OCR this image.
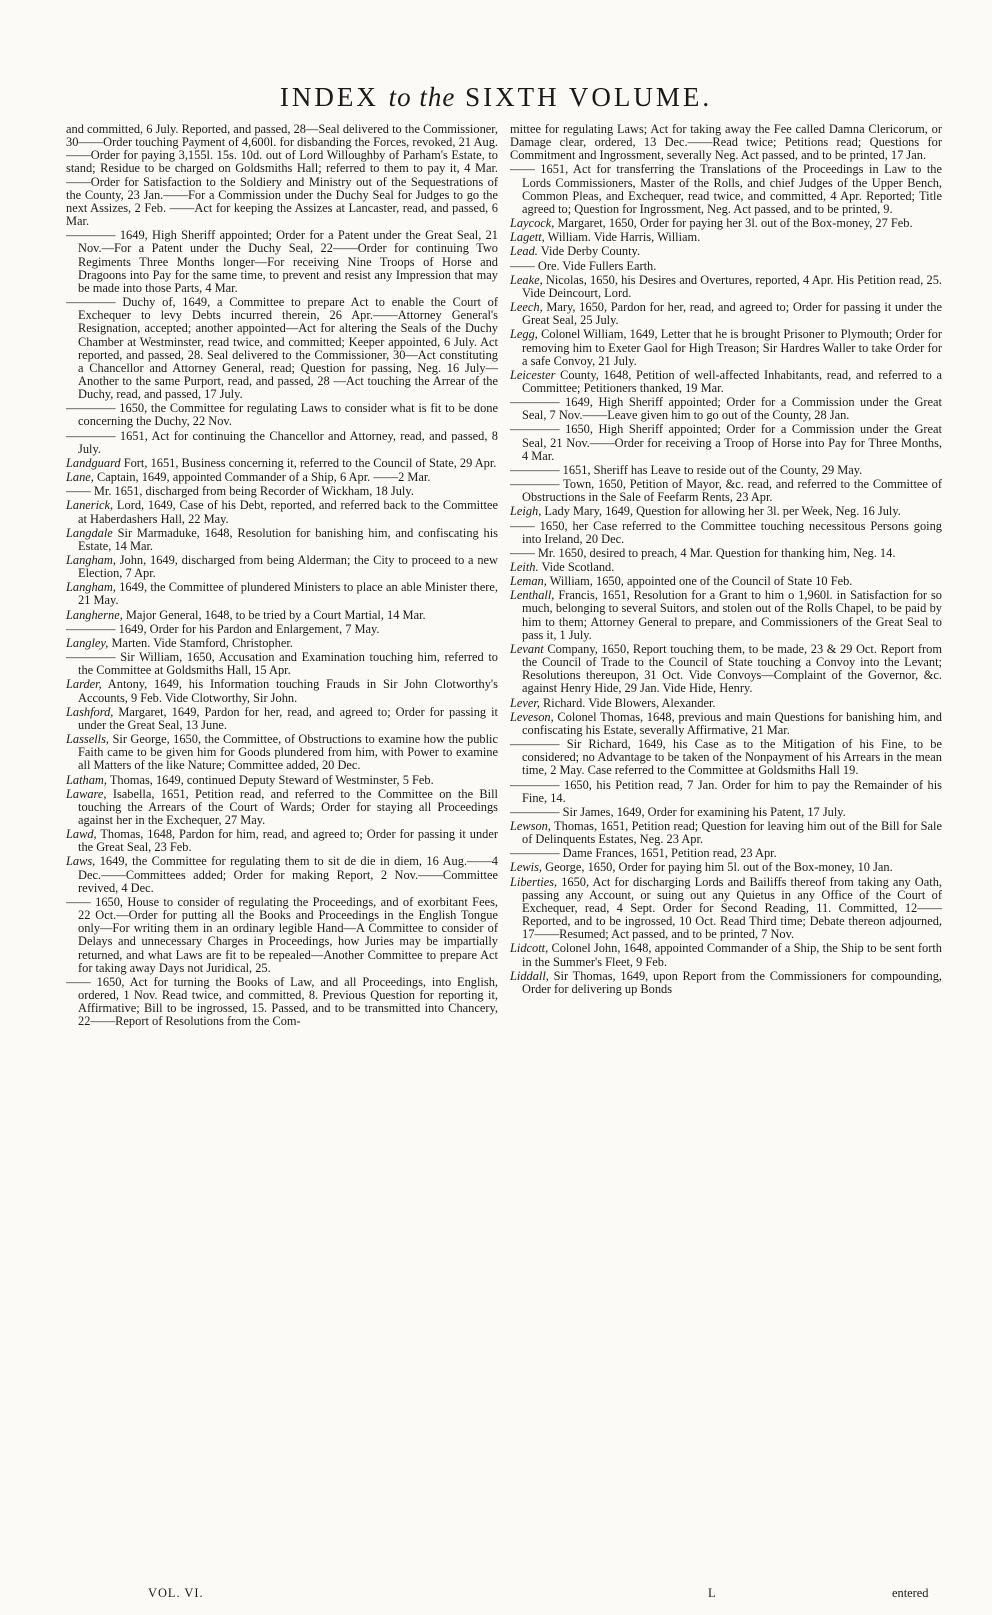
INDEX to the SIXTH VOLUME.

and committed, 6 July. Reported, and passed, 28—Seal delivered to the Commissioner, 30——Order touching Payment of 4,600l. for disbanding the Forces, revoked, 21 Aug.——Order for paying 3,155l. 15s. 10d. out of Lord Willoughby of Parham's Estate, to stand; Residue to be charged on Goldsmiths Hall; referred to them to pay it, 4 Mar.——Order for Satisfaction to the Soldiery and Ministry out of the Sequestrations of the County, 23 Jan.——For a Commission under the Duchy Seal for Judges to go the next Assizes, 2 Feb. ——Act for keeping the Assizes at Lancaster, read, and passed, 6 Mar.

———— 1649, High Sheriff appointed; Order for a Patent under the Great Seal, 21 Nov.—For a Patent under the Duchy Seal, 22——Order for continuing Two Regiments Three Months longer—For receiving Nine Troops of Horse and Dragoons into Pay for the same time, to prevent and resist any Impression that may be made into those Parts, 4 Mar.

———— Duchy of, 1649, a Committee to prepare Act to enable the Court of Exchequer to levy Debts incurred therein, 26 Apr.——Attorney General's Resignation, accepted; another appointed—Act for altering the Seals of the Duchy Chamber at Westminster, read twice, and committed; Keeper appointed, 6 July. Act reported, and passed, 28. Seal delivered to the Commissioner, 30—Act constituting a Chancellor and Attorney General, read; Question for passing, Neg. 16 July—Another to the same Purport, read, and passed, 28 —Act touching the Arrear of the Duchy, read, and passed, 17 July.

———— 1650, the Committee for regulating Laws to consider what is fit to be done concerning the Duchy, 22 Nov.

———— 1651, Act for continuing the Chancellor and Attorney, read, and passed, 8 July.

Landguard Fort, 1651, Business concerning it, referred to the Council of State, 29 Apr.

Lane, Captain, 1649, appointed Commander of a Ship, 6 Apr. ——2 Mar.

—— Mr. 1651, discharged from being Recorder of Wickham, 18 July.

Lanerick, Lord, 1649, Case of his Debt, reported, and referred back to the Committee at Haberdashers Hall, 22 May.

Langdale Sir Marmaduke, 1648, Resolution for banishing him, and confiscating his Estate, 14 Mar.

Langham, John, 1649, discharged from being Alderman; the City to proceed to a new Election, 7 Apr.

Langham, 1649, the Committee of plundered Ministers to place an able Minister there, 21 May.

Langherne, Major General, 1648, to be tried by a Court Martial, 14 Mar.

———— 1649, Order for his Pardon and Enlargement, 7 May.

Langley, Marten. Vide Stamford, Christopher.

———— Sir William, 1650, Accusation and Examination touching him, referred to the Committee at Goldsmiths Hall, 15 Apr.

Larder, Antony, 1649, his Information touching Frauds in Sir John Clotworthy's Accounts, 9 Feb. Vide Clotworthy, Sir John.

Lashford, Margaret, 1649, Pardon for her, read, and agreed to; Order for passing it under the Great Seal, 13 June.

Lassells, Sir George, 1650, the Committee, of Obstructions to examine how the public Faith came to be given him for Goods plundered from him, with Power to examine all Matters of the like Nature; Committee added, 20 Dec.

Latham, Thomas, 1649, continued Deputy Steward of Westminster, 5 Feb.

Laware, Isabella, 1651, Petition read, and referred to the Committee on the Bill touching the Arrears of the Court of Wards; Order for staying all Proceedings against her in the Exchequer, 27 May.

Lawd, Thomas, 1648, Pardon for him, read, and agreed to; Order for passing it under the Great Seal, 23 Feb.

Laws, 1649, the Committee for regulating them to sit de die in diem, 16 Aug.——4 Dec.——Committees added; Order for making Report, 2 Nov.——Committee revived, 4 Dec.

—— 1650, House to consider of regulating the Proceedings, and of exorbitant Fees, 22 Oct.—Order for putting all the Books and Proceedings in the English Tongue only—For writing them in an ordinary legible Hand—A Committee to consider of Delays and unnecessary Charges in Proceedings, how Juries may be impartially returned, and what Laws are fit to be repealed—Another Committee to prepare Act for taking away Days not Juridical, 25.

—— 1650, Act for turning the Books of Law, and all Proceedings, into English, ordered, 1 Nov. Read twice, and committed, 8. Previous Question for reporting it, Affirmative; Bill to be ingrossed, 15. Passed, and to be transmitted into Chancery, 22——Report of Resolutions from the Com-

mittee for regulating Laws; Act for taking away the Fee called Damna Clericorum, or Damage clear, ordered, 13 Dec.——Read twice; Petitions read; Questions for Commitment and Ingrossment, severally Neg. Act passed, and to be printed, 17 Jan.

—— 1651, Act for transferring the Translations of the Proceedings in Law to the Lords Commissioners, Master of the Rolls, and chief Judges of the Upper Bench, Common Pleas, and Exchequer, read twice, and committed, 4 Apr. Reported; Title agreed to; Question for Ingrossment, Neg. Act passed, and to be printed, 9.

Laycock, Margaret, 1650, Order for paying her 3l. out of the Box-money, 27 Feb.

Lagett, William. Vide Harris, William.

Lead. Vide Derby County.

—— Ore. Vide Fullers Earth.

Leake, Nicolas, 1650, his Desires and Overtures, reported, 4 Apr. His Petition read, 25. Vide Deincourt, Lord.

Leech, Mary, 1650, Pardon for her, read, and agreed to; Order for passing it under the Great Seal, 25 July.

Legg, Colonel William, 1649, Letter that he is brought Prisoner to Plymouth; Order for removing him to Exeter Gaol for High Treason; Sir Hardres Waller to take Order for a safe Convoy, 21 July.

Leicester County, 1648, Petition of well-affected Inhabitants, read, and referred to a Committee; Petitioners thanked, 19 Mar.

———— 1649, High Sheriff appointed; Order for a Commission under the Great Seal, 7 Nov.——Leave given him to go out of the County, 28 Jan.

———— 1650, High Sheriff appointed; Order for a Commission under the Great Seal, 21 Nov.——Order for receiving a Troop of Horse into Pay for Three Months, 4 Mar.

———— 1651, Sheriff has Leave to reside out of the County, 29 May.

———— Town, 1650, Petition of Mayor, &c. read, and referred to the Committee of Obstructions in the Sale of Feefarm Rents, 23 Apr.

Leigh, Lady Mary, 1649, Question for allowing her 3l. per Week, Neg. 16 July.

—— 1650, her Case referred to the Committee touching necessitous Persons going into Ireland, 20 Dec.

—— Mr. 1650, desired to preach, 4 Mar. Question for thanking him, Neg. 14.

Leith. Vide Scotland.

Leman, William, 1650, appointed one of the Council of State 10 Feb.

Lenthall, Francis, 1651, Resolution for a Grant to him o 1,960l. in Satisfaction for so much, belonging to several Suitors, and stolen out of the Rolls Chapel, to be paid by him to them; Attorney General to prepare, and Commissioners of the Great Seal to pass it, 1 July.

Levant Company, 1650, Report touching them, to be made, 23 & 29 Oct. Report from the Council of Trade to the Council of State touching a Convoy into the Levant; Resolutions thereupon, 31 Oct. Vide Convoys—Complaint of the Governor, &c. against Henry Hide, 29 Jan. Vide Hide, Henry.

Lever, Richard. Vide Blowers, Alexander.

Leveson, Colonel Thomas, 1648, previous and main Questions for banishing him, and confiscating his Estate, severally Affirmative, 21 Mar.

———— Sir Richard, 1649, his Case as to the Mitigation of his Fine, to be considered; no Advantage to be taken of the Nonpayment of his Arrears in the mean time, 2 May. Case referred to the Committee at Goldsmiths Hall 19.

———— 1650, his Petition read, 7 Jan. Order for him to pay the Remainder of his Fine, 14.

———— Sir James, 1649, Order for examining his Patent, 17 July.

Lewson, Thomas, 1651, Petition read; Question for leaving him out of the Bill for Sale of Delinquents Estates, Neg. 23 Apr.

———— Dame Frances, 1651, Petition read, 23 Apr.

Lewis, George, 1650, Order for paying him 5l. out of the Box-money, 10 Jan.

Liberties, 1650, Act for discharging Lords and Bailiffs thereof from taking any Oath, passing any Account, or suing out any Quietus in any Office of the Court of Exchequer, read, 4 Sept. Order for Second Reading, 11. Committed, 12—— Reported, and to be ingrossed, 10 Oct. Read Third time; Debate thereon adjourned, 17——Resumed; Act passed, and to be printed, 7 Nov.

Lidcott, Colonel John, 1648, appointed Commander of a Ship, the Ship to be sent forth in the Summer's Fleet, 9 Feb.

Liddall, Sir Thomas, 1649, upon Report from the Commissioners for compounding, Order for delivering up Bonds

VOL. VI.	L	entered
